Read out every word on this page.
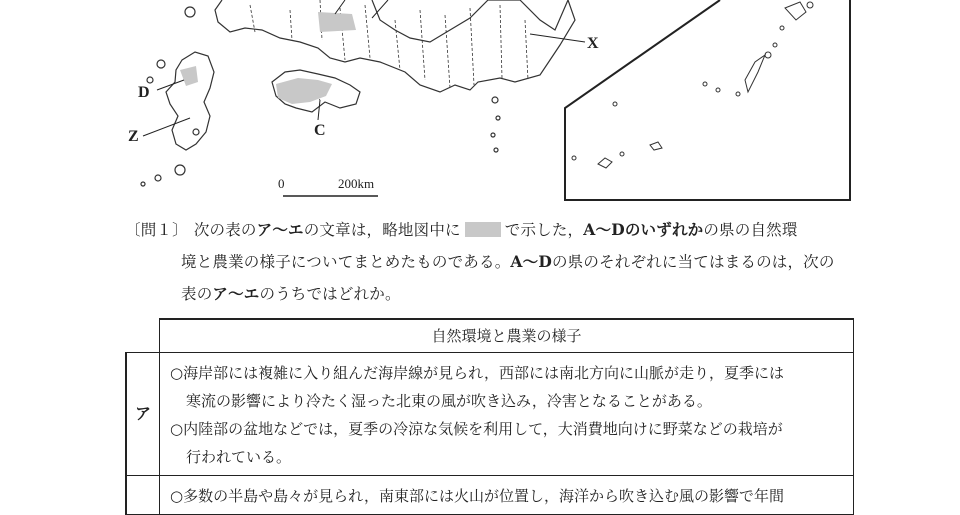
D
Z	C
X
0	200km

〔問１〕 次の表のア～エの文章は，略地図中に	で示した，A～Dのいずれかの県の自然環

境と農業の様子についてまとめたものである。A～Dの県のそれぞれに当てはまるのは，次の

表のア～エのうちではどれか。

	自然環境と農業の様子
ア	○海岸部には複雑に入り組んだ海岸線が見られ，西部には南北方向に山脈が走り，夏季には

寒流の影響により冷たく湿った北東の風が吹き込み，冷害となることがある。

○内陸部の盆地などでは，夏季の冷涼な気候を利用して，大消費地向けに野菜などの栽培が

行われている。

	○多数の半島や島々が見られ，南東部には火山が位置し，海洋から吹き込む風の影響で年間
